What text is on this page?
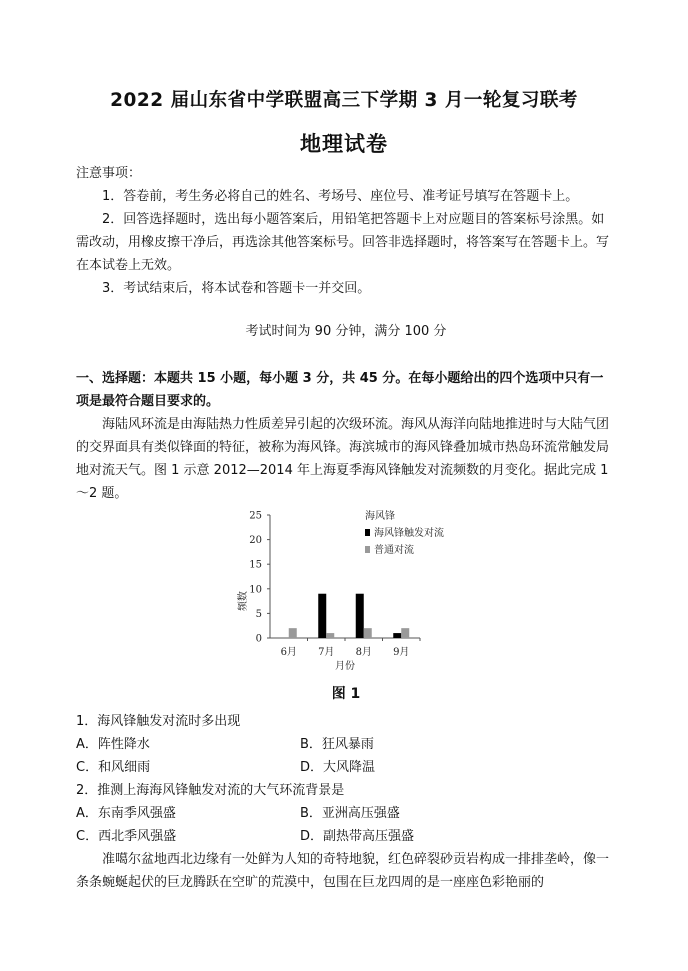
2022 届山东省中学联盟高三下学期 3 月一轮复习联考
地理试卷
注意事项：
1．答卷前，考生务必将自己的姓名、考场号、座位号、准考证号填写在答题卡上。
2．回答选择题时，选出每小题答案后，用铅笔把答题卡上对应题目的答案标号涂黑。如需改动，用橡皮擦干净后，再选涂其他答案标号。回答非选择题时，将答案写在答题卡上。写在本试卷上无效。
3．考试结束后，将本试卷和答题卡一并交回。
考试时间为 90 分钟，满分 100 分
一、选择题：本题共 15 小题，每小题 3 分，共 45 分。在每小题给出的四个选项中只有一项是最符合题目要求的。
海陆风环流是由海陆热力性质差异引起的次级环流。海风从海洋向陆地推进时与大陆气团的交界面具有类似锋面的特征，被称为海风锋。海滨城市的海风锋叠加城市热岛环流常触发局地对流天气。图 1 示意 2012—2014 年上海夏季海风锋触发对流频数的月变化。据此完成 1～2 题。
0
5
10
15
20
25
6月 7月 8月 9月
月份
频数
海风锋
海风锋触发对流
普通对流
图 1
1．海风锋触发对流时多出现
A．阵性降水	B．狂风暴雨
C．和风细雨	D．大风降温
2．推测上海海风锋触发对流的大气环流背景是
A．东南季风强盛	B．亚洲高压强盛
C．西北季风强盛	D．副热带高压强盛
准噶尔盆地西北边缘有一处鲜为人知的奇特地貌，红色碎裂砂贡岩构成一排排垄岭，像一条条蜿蜒起伏的巨龙腾跃在空旷的荒漠中，包围在巨龙四周的是一座座色彩艳丽的
